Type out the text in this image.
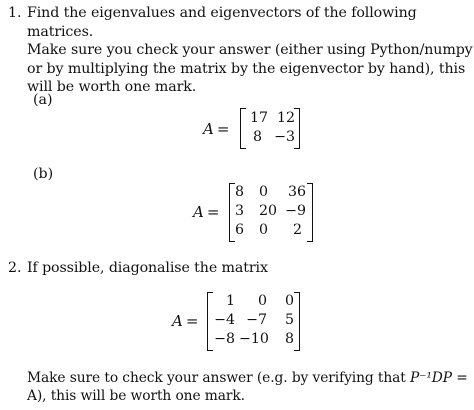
1. Find the eigenvalues and eigenvectors of the following matrices.
Make sure you check your answer (either using Python/numpy
or by multiplying the matrix by the eigenvector by hand), this
will be worth one mark.
(a)
A =
17 12
8 −3
(b)
A =
8	0	36
3	20 −9
6	0	2
2. If possible, diagonalise the matrix
A =
1	0	0
−4 −7	5
−8 −10	8
Make sure to check your answer (e.g. by verifying that P⁻¹DP =
A), this will be worth one mark.
